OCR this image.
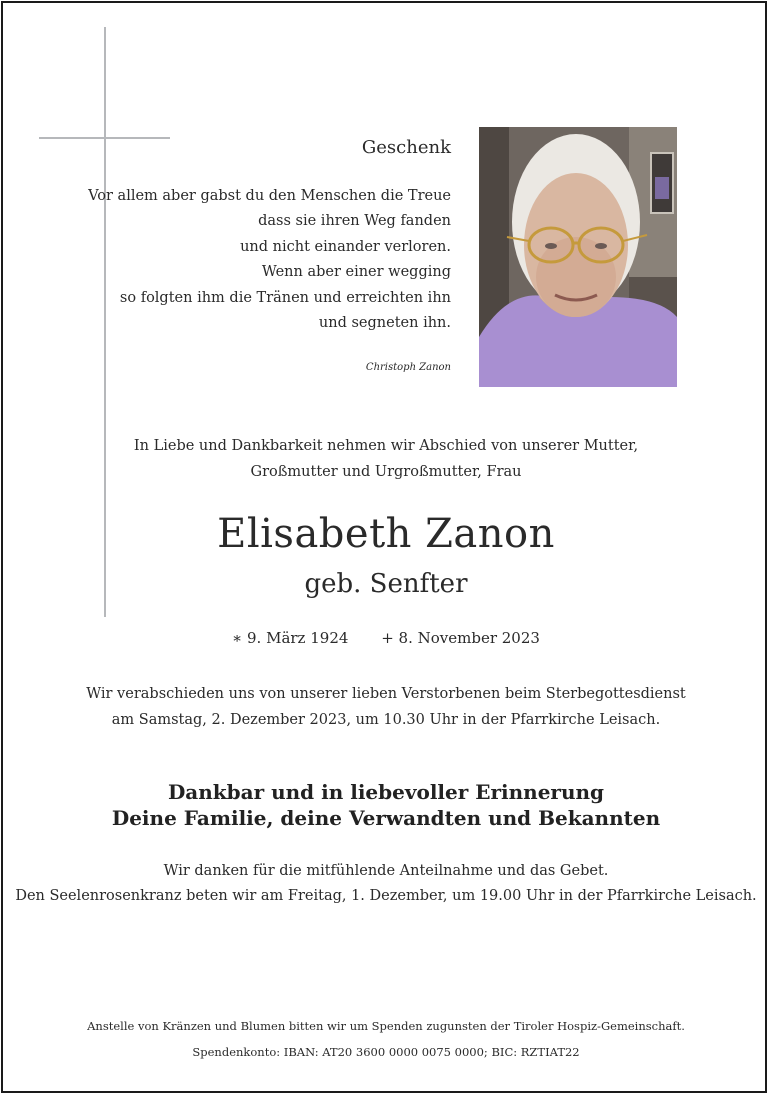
Geschenk
Vor allem aber gabst du den Menschen die Treue
dass sie ihren Weg fanden
und nicht einander verloren.
Wenn aber einer wegging
so folgten ihm die Tränen und erreichten ihn
und segneten ihn.
Christoph Zanon
In Liebe und Dankbarkeit nehmen wir Abschied von unserer Mutter,
Großmutter und Urgroßmutter, Frau
Elisabeth Zanon
geb. Senfter
∗ 9. März 1924 + 8. November 2023
Wir verabschieden uns von unserer lieben Verstorbenen beim Sterbegottesdienst
am Samstag, 2. Dezember 2023, um 10.30 Uhr in der Pfarrkirche Leisach.
Dankbar und in liebevoller Erinnerung
Deine Familie, deine Verwandten und Bekannten
Wir danken für die mitfühlende Anteilnahme und das Gebet.
Den Seelenrosenkranz beten wir am Freitag, 1. Dezember, um 19.00 Uhr in der Pfarrkirche Leisach.
Anstelle von Kränzen und Blumen bitten wir um Spenden zugunsten der Tiroler Hospiz-Gemeinschaft.
Spendenkonto: IBAN: AT20 3600 0000 0075 0000; BIC: RZTIAT22
